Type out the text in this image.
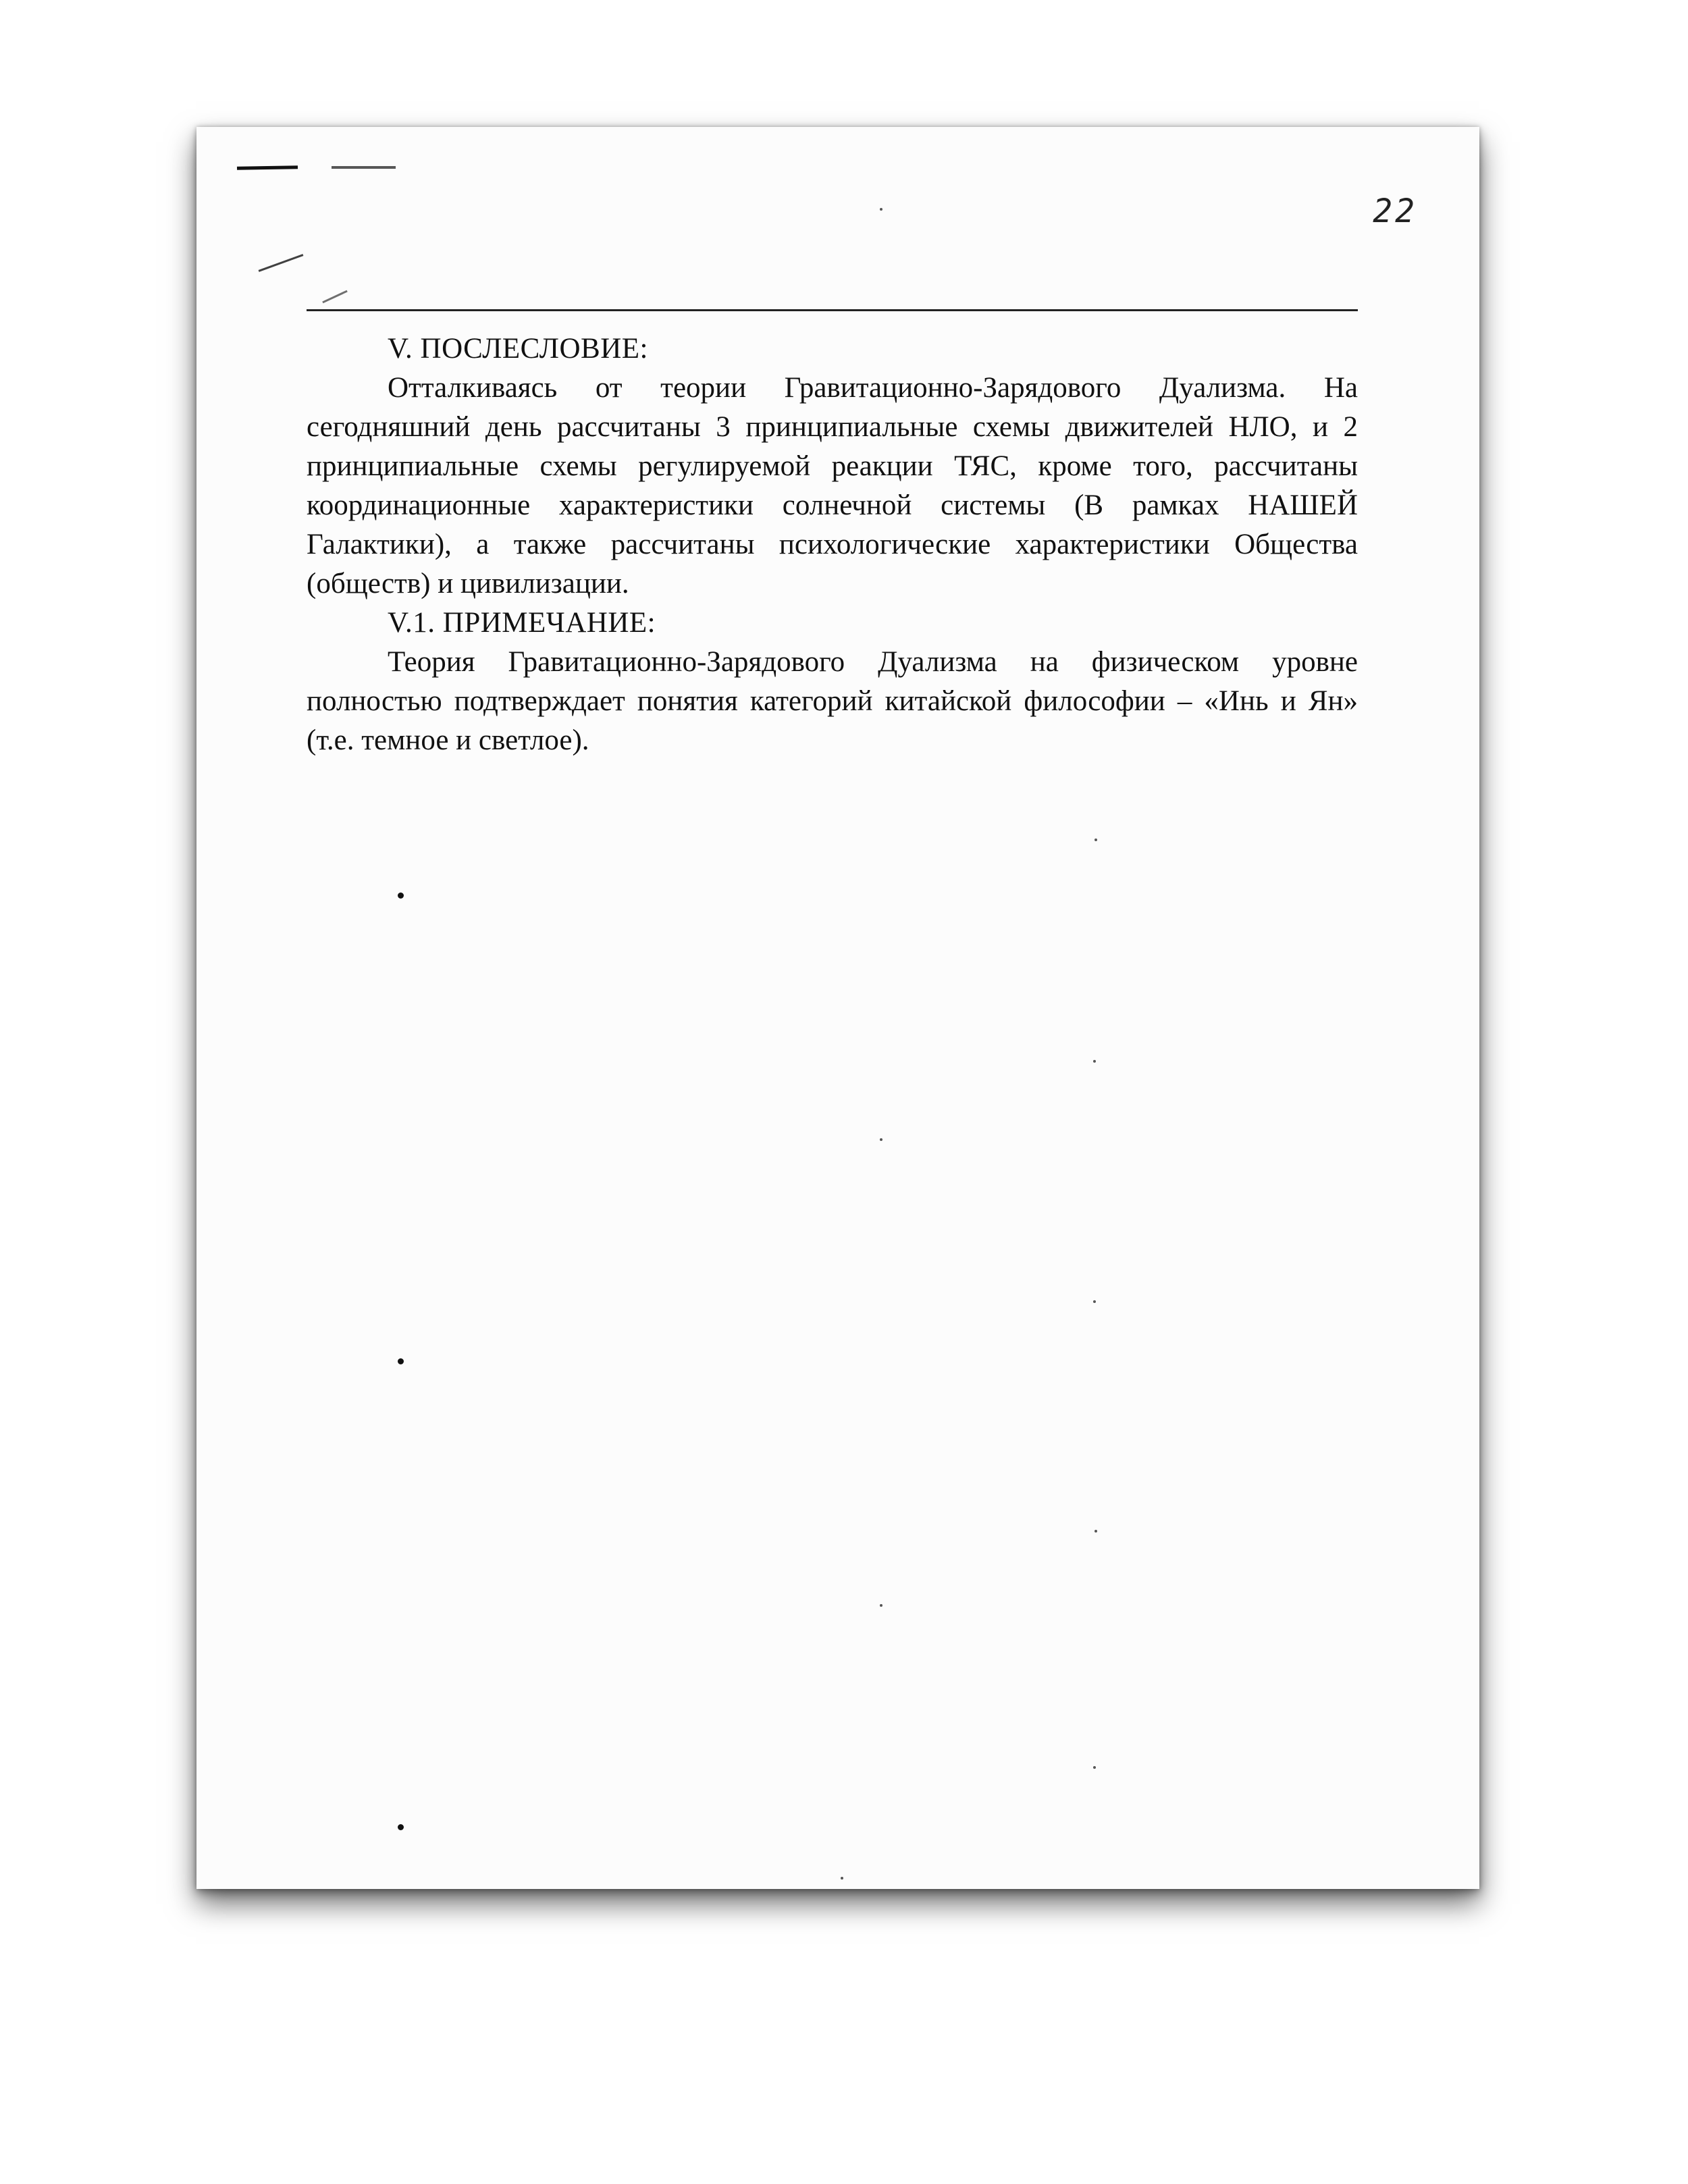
22
V. ПОСЛЕСЛОВИЕ:

Отталкиваясь от теории Гравитационно-Зарядового Дуализма. На сегодняшний день рассчитаны 3 принципиальные схемы движителей НЛО, и 2 принципиальные схемы регулируемой реакции ТЯС, кроме того, рассчитаны координационные характеристики солнечной системы (В рамках НАШЕЙ Галактики), а также рассчитаны психологические характеристики Общества (обществ) и цивилизации.

V.1. ПРИМЕЧАНИЕ:

Теория Гравитационно-Зарядового Дуализма на физическом уровне полностью подтверждает понятия категорий китайской философии – «Инь и Ян» (т.е. темное и светлое).
